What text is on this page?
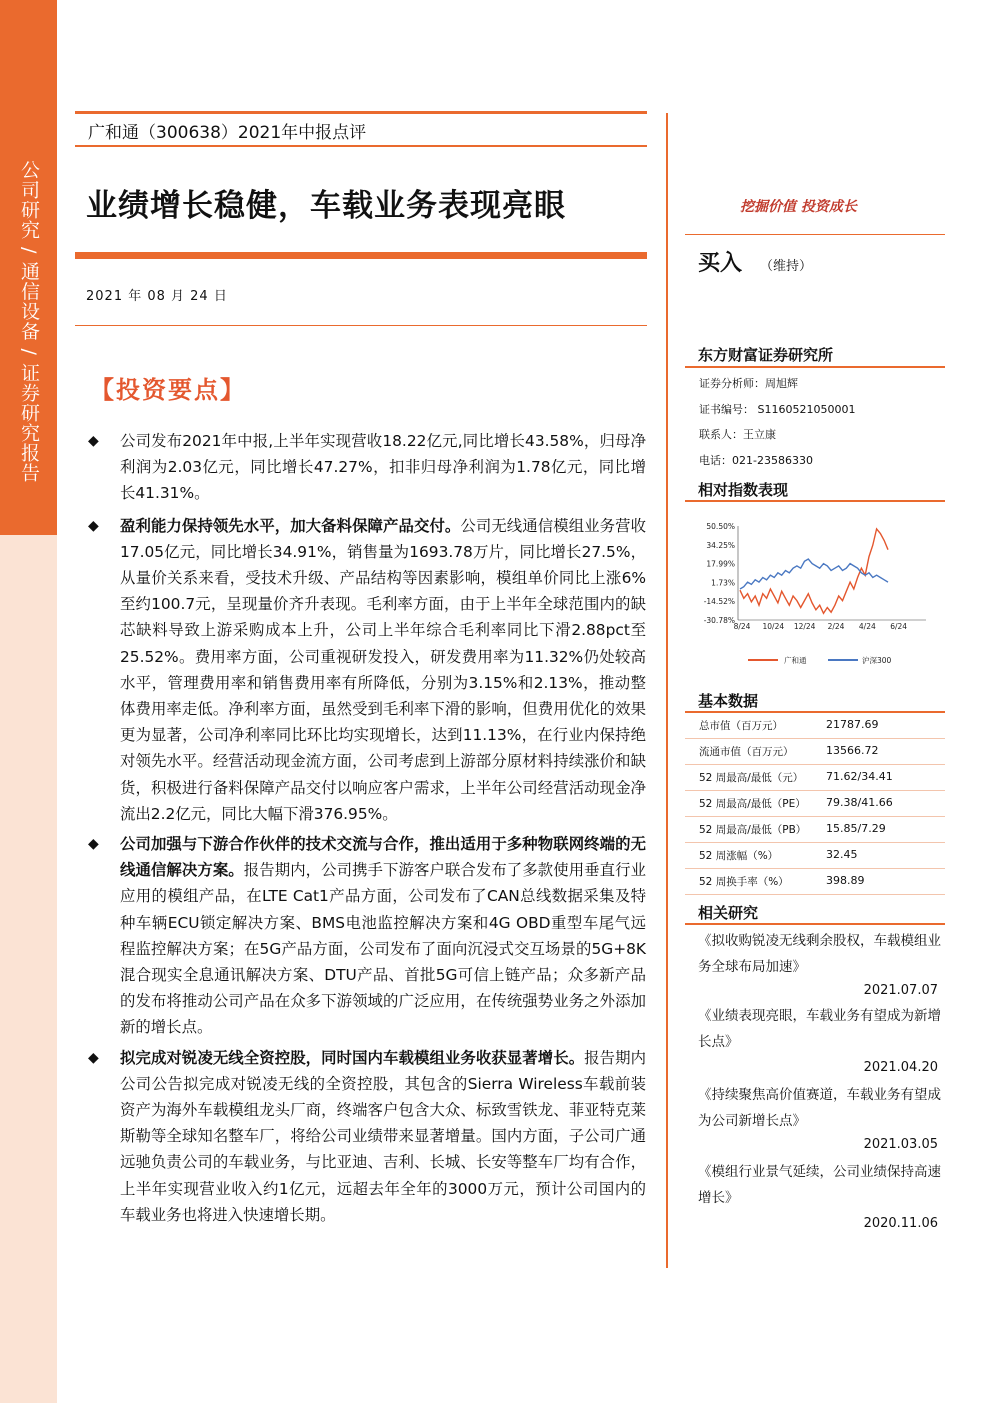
公司研究 / 通信设备 / 证券研究报告
广和通（300638）2021年中报点评
业绩增长稳健，车载业务表现亮眼	挖掘价值 投资成长
2021 年 08 月 24 日
买入 （维持）
【投资要点】
◆ 公司发布2021年中报,上半年实现营收18.22亿元,同比增长43.58%，归母净利润为2.03亿元，同比增长47.27%，扣非归母净利润为1.78亿元，同比增长41.31%。
◆ 盈利能力保持领先水平，加大备料保障产品交付。公司无线通信模组业务营收17.05亿元，同比增长34.91%，销售量为1693.78万片，同比增长27.5%，从量价关系来看，受技术升级、产品结构等因素影响，模组单价同比上涨6%至约100.7元，呈现量价齐升表现。毛利率方面，由于上半年全球范围内的缺芯缺料导致上游采购成本上升，公司上半年综合毛利率同比下滑2.88pct至25.52%。费用率方面，公司重视研发投入，研发费用率为11.32%仍处较高水平，管理费用率和销售费用率有所降低，分别为3.15%和2.13%，推动整体费用率走低。净利率方面，虽然受到毛利率下滑的影响，但费用优化的效果更为显著，公司净利率同比环比均实现增长，达到11.13%，在行业内保持绝对领先水平。经营活动现金流方面，公司考虑到上游部分原材料持续涨价和缺货，积极进行备料保障产品交付以响应客户需求，上半年公司经营活动现金净流出2.2亿元，同比大幅下滑376.95%。
◆ 公司加强与下游合作伙伴的技术交流与合作，推出适用于多种物联网终端的无线通信解决方案。报告期内，公司携手下游客户联合发布了多款使用垂直行业应用的模组产品，在LTE Cat1产品方面，公司发布了CAN总线数据采集及特种车辆ECU锁定解决方案、BMS电池监控解决方案和4G OBD重型车尾气远程监控解决方案；在5G产品方面，公司发布了面向沉浸式交互场景的5G+8K混合现实全息通讯解决方案、DTU产品、首批5G可信上链产品；众多新产品的发布将推动公司产品在众多下游领域的广泛应用，在传统强势业务之外添加新的增长点。
◆ 拟完成对锐凌无线全资控股，同时国内车载模组业务收获显著增长。报告期内公司公告拟完成对锐凌无线的全资控股，其包含的Sierra Wireless车载前装资产为海外车载模组龙头厂商，终端客户包含大众、标致雪铁龙、菲亚特克莱斯勒等全球知名整车厂，将给公司业绩带来显著增量。国内方面，子公司广通远驰负责公司的车载业务，与比亚迪、吉利、长城、长安等整车厂均有合作，上半年实现营业收入约1亿元，远超去年全年的3000万元，预计公司国内的车载业务也将进入快速增长期。
东方财富证券研究所
证券分析师：周旭辉
证书编号： S1160521050001
联系人：王立康
电话：021-23586330
相对指数表现
50.50%
34.25%
17.99%
1.73%
-14.52%
-30.78%
8/24 10/24 12/24 2/24 4/24 6/24
广和通	沪深300
基本数据
总市值（百万元）	21787.69
流通市值（百万元）	13566.72
52 周最高/最低（元） 71.62/34.41
52 周最高/最低（PE） 79.38/41.66
52 周最高/最低（PB） 15.85/7.29
52 周涨幅（%）	32.45
52 周换手率（%）	398.89
相关研究
《拟收购锐凌无线剩余股权，车载模组业务全球布局加速》
2021.07.07
《业绩表现亮眼，车载业务有望成为新增长点》
2021.04.20
《持续聚焦高价值赛道，车载业务有望成为公司新增长点》
2021.03.05
《模组行业景气延续，公司业绩保持高速增长》
2020.11.06
